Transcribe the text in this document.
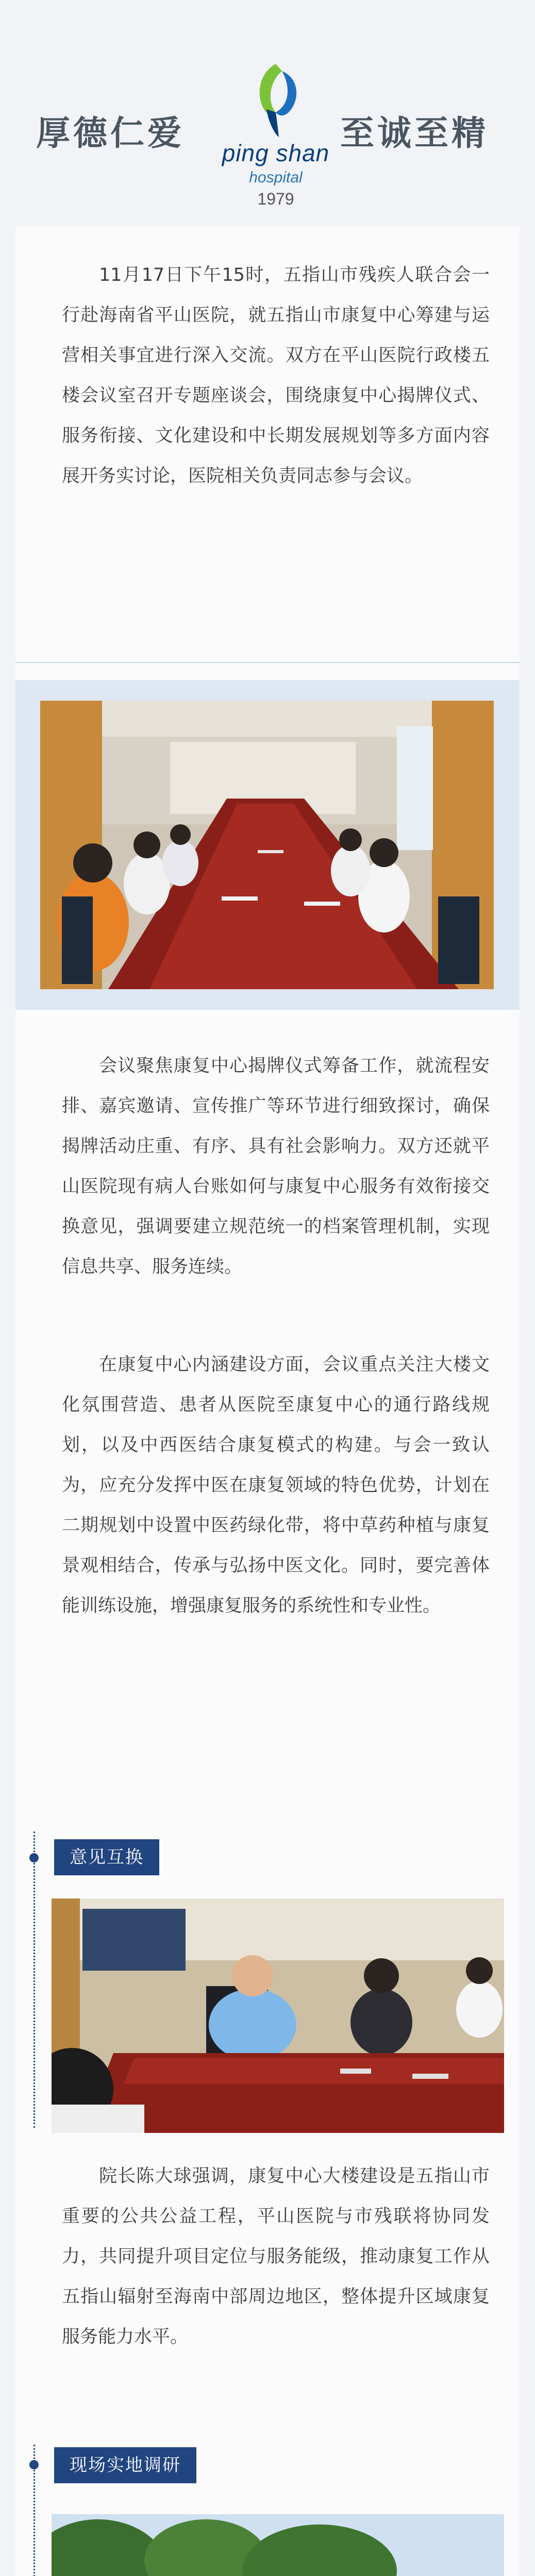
厚德仁爱	ping shan
hospital
1979
至诚至精

11月17日下午15时，五指山市残疾人联合会一行赴海南省平山医院，就五指山市康复中心筹建与运营相关事宜进行深入交流。双方在平山医院行政楼五楼会议室召开专题座谈会，围绕康复中心揭牌仪式、服务衔接、文化建设和中长期发展规划等多方面内容展开务实讨论，医院相关负责同志参与会议。

会议聚焦康复中心揭牌仪式筹备工作，就流程安排、嘉宾邀请、宣传推广等环节进行细致探讨，确保揭牌活动庄重、有序、具有社会影响力。双方还就平山医院现有病人台账如何与康复中心服务有效衔接交换意见，强调要建立规范统一的档案管理机制，实现信息共享、服务连续。

在康复中心内涵建设方面，会议重点关注大楼文化氛围营造、患者从医院至康复中心的通行路线规划，以及中西医结合康复模式的构建。与会一致认为，应充分发挥中医在康复领域的特色优势，计划在二期规划中设置中医药绿化带，将中草药种植与康复景观相结合，传承与弘扬中医文化。同时，要完善体能训练设施，增强康复服务的系统性和专业性。

意见互换

院长陈大球强调，康复中心大楼建设是五指山市重要的公共公益工程，平山医院与市残联将协同发力，共同提升项目定位与服务能级，推动康复工作从五指山辐射至海南中部周边地区，整体提升区域康复服务能力水平。

现场实地调研
